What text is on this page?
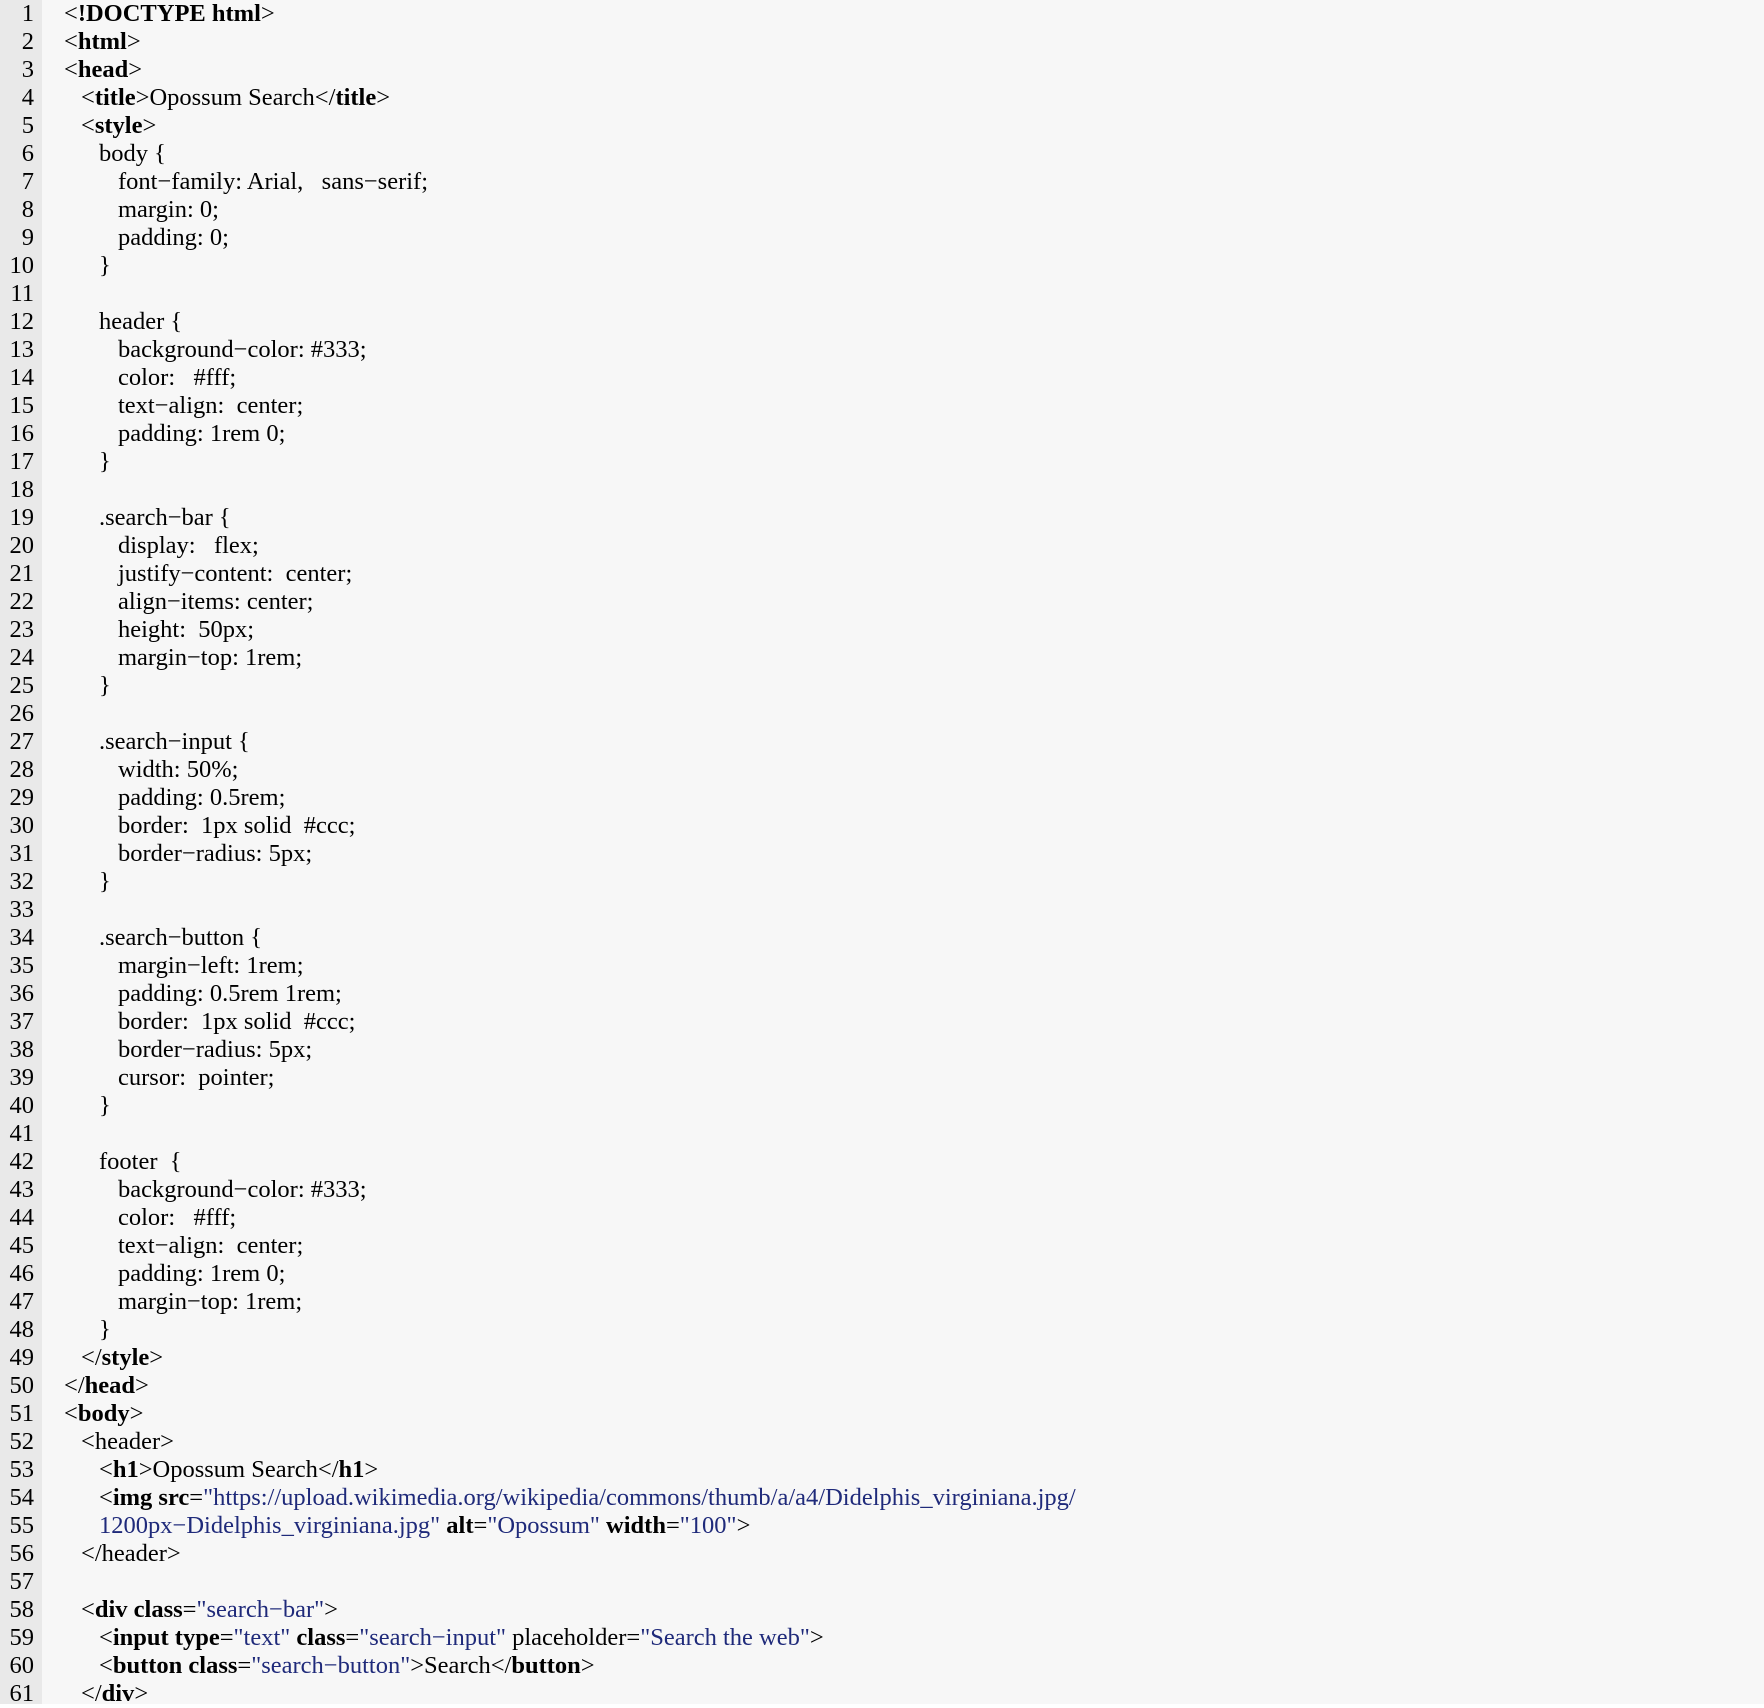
1 <!DOCTYPE html>
2 <html>
3 <head>
4	<title>Opossum Search</title>
5	<style>
6	body {
7	font−family: Arial,   sans−serif;
8	margin: 0;
9	padding: 0;
10	}
11
12	header {
13	background−color: #333;
14	color:   #fff;
15	text−align:  center;
16	padding: 1rem 0;
17	}
18
19	.search−bar {
20	display:   flex;
21	justify−content:  center;
22	align−items: center;
23	height:  50px;
24	margin−top: 1rem;
25	}
26
27	.search−input {
28	width: 50%;
29	padding: 0.5rem;
30	border:  1px solid  #ccc;
31	border−radius: 5px;
32	}
33
34	.search−button {
35	margin−left: 1rem;
36	padding: 0.5rem 1rem;
37	border:  1px solid  #ccc;
38	border−radius: 5px;
39	cursor:  pointer;
40	}
41
42	footer  {
43	background−color: #333;
44	color:   #fff;
45	text−align:  center;
46	padding: 1rem 0;
47	margin−top: 1rem;
48	}
49	</style>
50 </head>
51 <body>
52	<header>
53	<h1>Opossum Search</h1>
54	<img src="https://upload.wikimedia.org/wikipedia/commons/thumb/a/a4/Didelphis_virginiana.jpg/
55	1200px−Didelphis_virginiana.jpg" alt="Opossum" width="100">
56	</header>
57
58	<div class="search−bar">
59	<input type="text" class="search−input" placeholder="Search the web">
60	<button class="search−button">Search</button>
61	</div>
